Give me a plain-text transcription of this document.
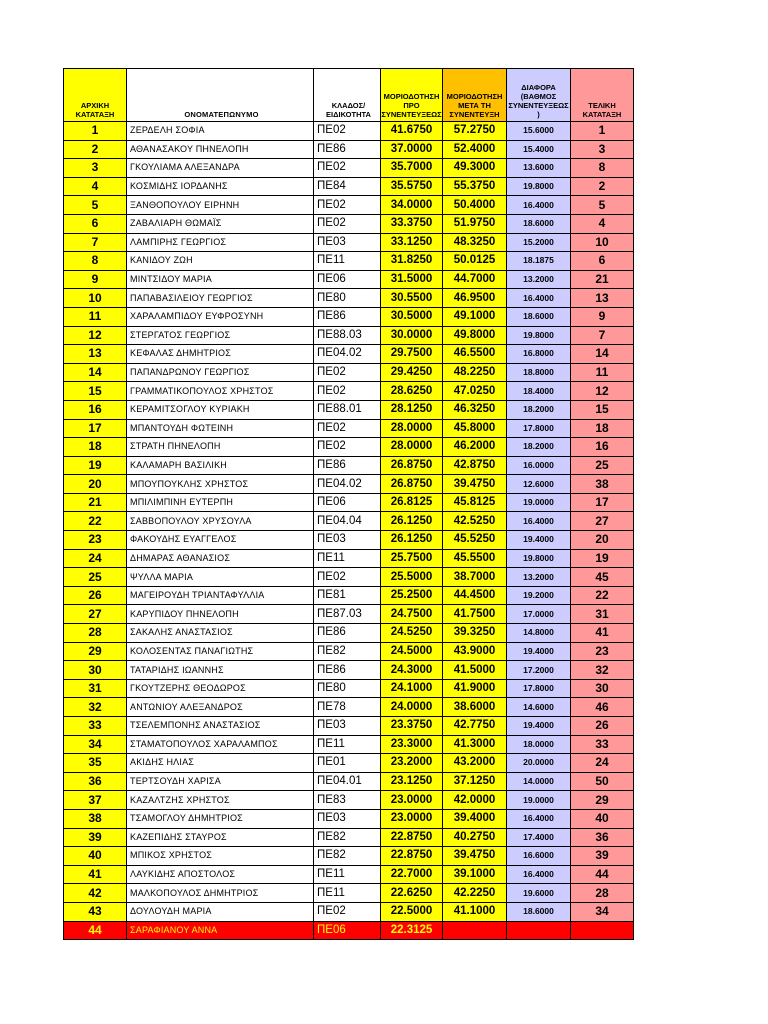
ΑΡΧΙΚΗ ΚΑΤΑΤΑΞΗ	ΟΝΟΜΑΤΕΠΩΝΥΜΟ	ΚΛΑΔΟΣ/ ΕΙΔΙΚΟΤΗΤΑ	ΜΟΡΙΟΔΟΤΗΣΗ ΠΡΟ ΣΥΝΕΝΤΕΥΞΕΩΣ	ΜΟΡΙΟΔΟΤΗΣΗ ΜΕΤΑ ΤΗ ΣΥΝΕΝΤΕΥΞΗ	ΔΙΑΦΟΡΑ (ΒΑΘΜΟΣ ΣΥΝΕΝΤΕΥΞΕΩΣ )	ΤΕΛΙΚΗ ΚΑΤΑΤΑΞΗ
1	ΖΕΡΔΕΛΗ ΣΟΦΙΑ	ΠΕ02	41.6750	57.2750	15.6000	1
2	ΑΘΑΝΑΣΑΚΟΥ ΠΗΝΕΛΟΠΗ	ΠΕ86	37.0000	52.4000	15.4000	3
3	ΓΚΟΥΛΙΑΜΑ ΑΛΕΞΑΝΔΡΑ	ΠΕ02	35.7000	49.3000	13.6000	8
4	ΚΟΣΜΙΔΗΣ ΙΟΡΔΑΝΗΣ	ΠΕ84	35.5750	55.3750	19.8000	2
5	ΞΑΝΘΟΠΟΥΛΟΥ ΕΙΡΗΝΗ	ΠΕ02	34.0000	50.4000	16.4000	5
6	ΖΑΒΑΛΙΑΡΗ ΘΩΜΑΪΣ	ΠΕ02	33.3750	51.9750	18.6000	4
7	ΛΑΜΠΙΡΗΣ ΓΕΩΡΓΙΟΣ	ΠΕ03	33.1250	48.3250	15.2000	10
8	ΚΑΝΙΔΟΥ ΖΩΗ	ΠΕ11	31.8250	50.0125	18.1875	6
9	ΜΙΝΤΣΙΔΟΥ ΜΑΡΙΑ	ΠΕ06	31.5000	44.7000	13.2000	21
10	ΠΑΠΑΒΑΣΙΛΕΙΟΥ ΓΕΩΡΓΙΟΣ	ΠΕ80	30.5500	46.9500	16.4000	13
11	ΧΑΡΑΛΑΜΠΙΔΟΥ ΕΥΦΡΟΣΥΝΗ	ΠΕ86	30.5000	49.1000	18.6000	9
12	ΣΤΕΡΓΑΤΟΣ ΓΕΩΡΓΙΟΣ	ΠΕ88.03	30.0000	49.8000	19.8000	7
13	ΚΕΦΑΛΑΣ ΔΗΜΗΤΡΙΟΣ	ΠΕ04.02	29.7500	46.5500	16.8000	14
14	ΠΑΠΑΝΔΡΩΝΟΥ ΓΕΩΡΓΙΟΣ	ΠΕ02	29.4250	48.2250	18.8000	11
15	ΓΡΑΜΜΑΤΙΚΟΠΟΥΛΟΣ ΧΡΗΣΤΟΣ	ΠΕ02	28.6250	47.0250	18.4000	12
16	ΚΕΡΑΜΙΤΣΟΓΛΟΥ ΚΥΡΙΑΚΗ	ΠΕ88.01	28.1250	46.3250	18.2000	15
17	ΜΠΑΝΤΟΥΔΗ ΦΩΤΕΙΝΗ	ΠΕ02	28.0000	45.8000	17.8000	18
18	ΣΤΡΑΤΗ ΠΗΝΕΛΟΠΗ	ΠΕ02	28.0000	46.2000	18.2000	16
19	ΚΑΛΑΜΑΡΗ ΒΑΣΙΛΙΚΗ	ΠΕ86	26.8750	42.8750	16.0000	25
20	ΜΠΟΥΠΟΥΚΛΗΣ ΧΡΗΣΤΟΣ	ΠΕ04.02	26.8750	39.4750	12.6000	38
21	ΜΠΙΛΙΜΠΙΝΗ ΕΥΤΕΡΠΗ	ΠΕ06	26.8125	45.8125	19.0000	17
22	ΣΑΒΒΟΠΟΥΛΟΥ ΧΡΥΣΟΥΛΑ	ΠΕ04.04	26.1250	42.5250	16.4000	27
23	ΦΑΚΟΥΔΗΣ ΕΥΑΓΓΕΛΟΣ	ΠΕ03	26.1250	45.5250	19.4000	20
24	ΔΗΜΑΡΑΣ ΑΘΑΝΑΣΙΟΣ	ΠΕ11	25.7500	45.5500	19.8000	19
25	ΨΥΛΛΑ ΜΑΡΙΑ	ΠΕ02	25.5000	38.7000	13.2000	45
26	ΜΑΓΕΙΡΟΥΔΗ ΤΡΙΑΝΤΑΦΥΛΛΙΑ	ΠΕ81	25.2500	44.4500	19.2000	22
27	ΚΑΡΥΠΙΔΟΥ ΠΗΝΕΛΟΠΗ	ΠΕ87.03	24.7500	41.7500	17.0000	31
28	ΣΑΚΑΛΗΣ ΑΝΑΣΤΑΣΙΟΣ	ΠΕ86	24.5250	39.3250	14.8000	41
29	ΚΟΛΟΣΕΝΤΑΣ ΠΑΝΑΓΙΩΤΗΣ	ΠΕ82	24.5000	43.9000	19.4000	23
30	ΤΑΤΑΡΙΔΗΣ ΙΩΑΝΝΗΣ	ΠΕ86	24.3000	41.5000	17.2000	32
31	ΓΚΟΥΤΖΕΡΗΣ ΘΕΟΔΩΡΟΣ	ΠΕ80	24.1000	41.9000	17.8000	30
32	ΑΝΤΩΝΙΟΥ ΑΛΕΞΑΝΔΡΟΣ	ΠΕ78	24.0000	38.6000	14.6000	46
33	ΤΣΕΛΕΜΠΟΝΗΣ ΑΝΑΣΤΑΣΙΟΣ	ΠΕ03	23.3750	42.7750	19.4000	26
34	ΣΤΑΜΑΤΟΠΟΥΛΟΣ ΧΑΡΑΛΑΜΠΟΣ	ΠΕ11	23.3000	41.3000	18.0000	33
35	ΑΚΙΔΗΣ ΗΛΙΑΣ	ΠΕ01	23.2000	43.2000	20.0000	24
36	ΤΕΡΤΣΟΥΔΗ ΧΑΡΙΣΑ	ΠΕ04.01	23.1250	37.1250	14.0000	50
37	ΚΑΖΑΛΤΖΗΣ ΧΡΗΣΤΟΣ	ΠΕ83	23.0000	42.0000	19.0000	29
38	ΤΣΑΜΟΓΛΟΥ ΔΗΜΗΤΡΙΟΣ	ΠΕ03	23.0000	39.4000	16.4000	40
39	ΚΑΖΕΠΙΔΗΣ ΣΤΑΥΡΟΣ	ΠΕ82	22.8750	40.2750	17.4000	36
40	ΜΠΙΚΟΣ ΧΡΗΣΤΟΣ	ΠΕ82	22.8750	39.4750	16.6000	39
41	ΛΑΥΚΙΔΗΣ ΑΠΟΣΤΟΛΟΣ	ΠΕ11	22.7000	39.1000	16.4000	44
42	ΜΑΛΚΟΠΟΥΛΟΣ ΔΗΜΗΤΡΙΟΣ	ΠΕ11	22.6250	42.2250	19.6000	28
43	ΔΟΥΛΟΥΔΗ ΜΑΡΙΑ	ΠΕ02	22.5000	41.1000	18.6000	34
44	ΣΑΡΑΦΙΑΝΟΥ ΑΝΝΑ	ΠΕ06	22.3125			
